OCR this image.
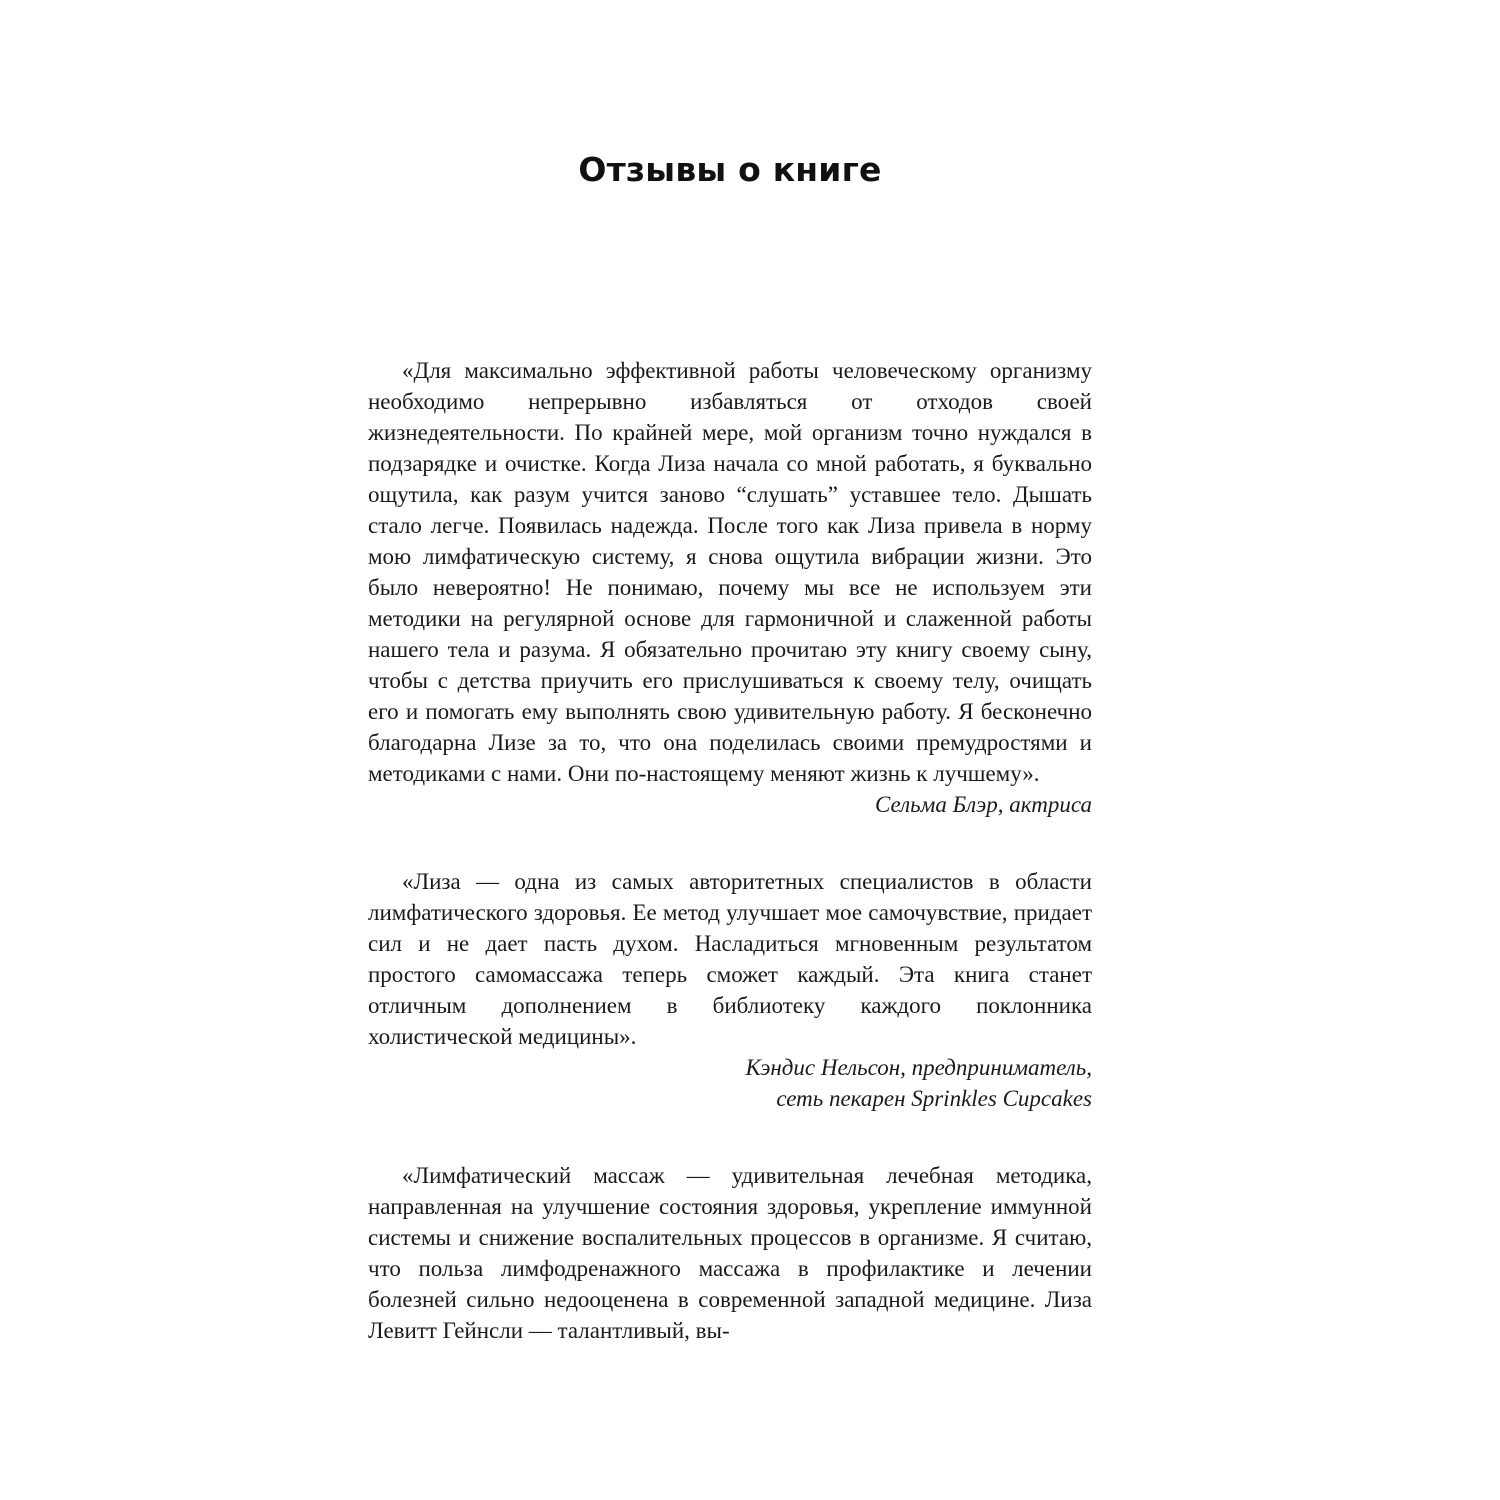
Отзывы о книге

«Для максимально эффективной работы человеческому организму необходимо непрерывно избавляться от отходов своей жизнедеятельности. По крайней мере, мой организм точно нуждался в подзарядке и очистке. Когда Лиза начала со мной работать, я буквально ощутила, как разум учится заново “слушать” уставшее тело. Дышать стало легче. Появилась надежда. После того как Лиза привела в норму мою лимфатическую систему, я снова ощутила вибрации жизни. Это было невероятно! Не понимаю, почему мы все не используем эти методики на регулярной основе для гармоничной и слаженной работы нашего тела и разума. Я обязательно прочитаю эту книгу своему сыну, чтобы с детства приучить его прислушиваться к своему телу, очищать его и помогать ему выполнять свою удивительную работу. Я бесконечно благодарна Лизе за то, что она поделилась своими премудростями и методиками с нами. Они по-настоящему меняют жизнь к лучшему».

Сельма Блэр, актриса

«Лиза — одна из самых авторитетных специалистов в области лимфатического здоровья. Ее метод улучшает мое самочувствие, придает сил и не дает пасть духом. Насладиться мгновенным результатом простого самомассажа теперь сможет каждый. Эта книга станет отличным дополнением в библиотеку каждого поклонника холистической медицины».

Кэндис Нельсон, предприниматель,
сеть пекарен Sprinkles Cupcakes

«Лимфатический массаж — удивительная лечебная методика, направленная на улучшение состояния здоровья, укрепление иммунной системы и снижение воспалительных процессов в организме. Я считаю, что польза лимфодренажного массажа в профилактике и лечении болезней сильно недооценена в современной западной медицине. Лиза Левитт Гейнсли — талантливый, вы-
